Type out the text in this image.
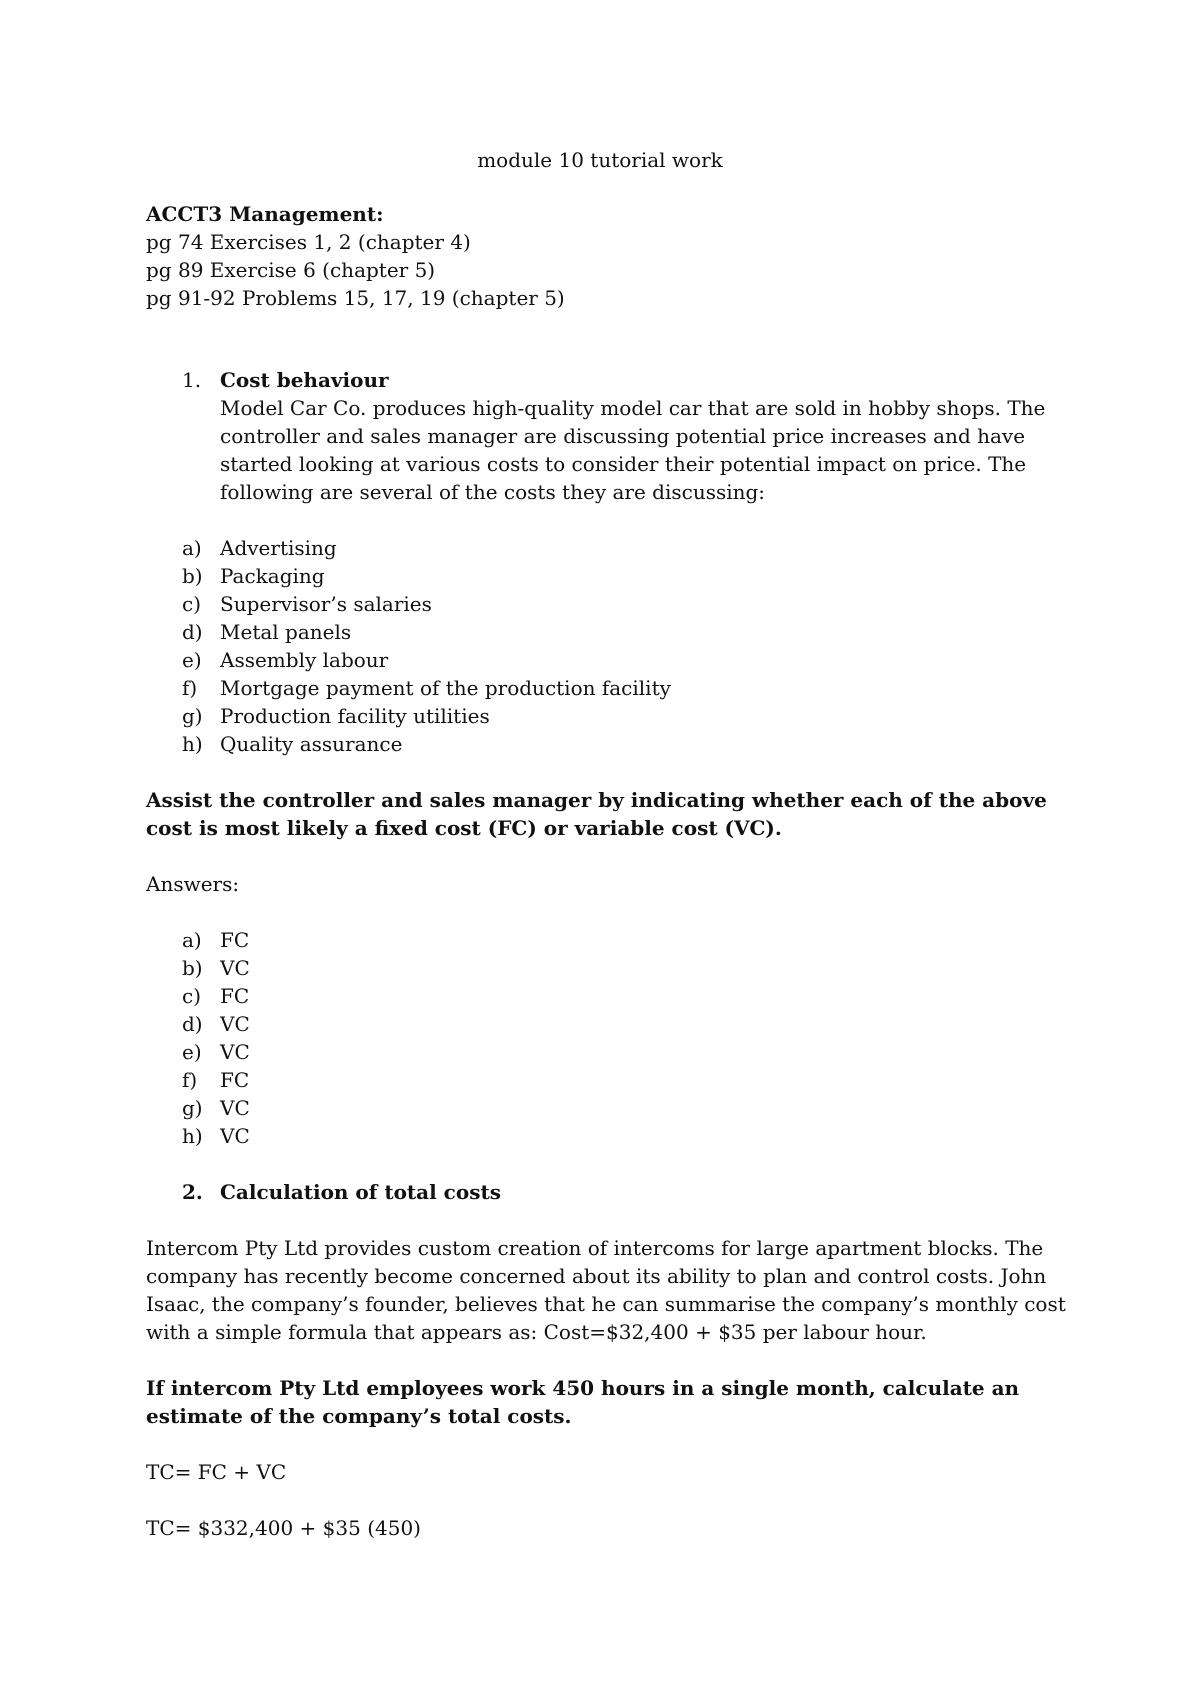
module 10 tutorial work
ACCT3 Management:
pg 74 Exercises 1, 2 (chapter 4)
pg 89 Exercise 6 (chapter 5)
pg 91-92 Problems 15, 17, 19 (chapter 5)
1. Cost behaviour
Model Car Co. produces high-quality model car that are sold in hobby shops. The controller and sales manager are discussing potential price increases and have started looking at various costs to consider their potential impact on price. The following are several of the costs they are discussing:
a) Advertising
b) Packaging
c) Supervisor’s salaries
d) Metal panels
e) Assembly labour
f)	Mortgage payment of the production facility
g) Production facility utilities
h) Quality assurance
Assist the controller and sales manager by indicating whether each of the above cost is most likely a fixed cost (FC) or variable cost (VC).
Answers:
a) FC
b) VC
c) FC
d) VC
e) VC
f)	FC
g) VC
h) VC
2. Calculation of total costs
Intercom Pty Ltd provides custom creation of intercoms for large apartment blocks. The company has recently become concerned about its ability to plan and control costs. John Isaac, the company’s founder, believes that he can summarise the company’s monthly cost with a simple formula that appears as: Cost=$32,400 + $35 per labour hour.
If intercom Pty Ltd employees work 450 hours in a single month, calculate an estimate of the company’s total costs.
TC= FC + VC
TC= $332,400 + $35 (450)
